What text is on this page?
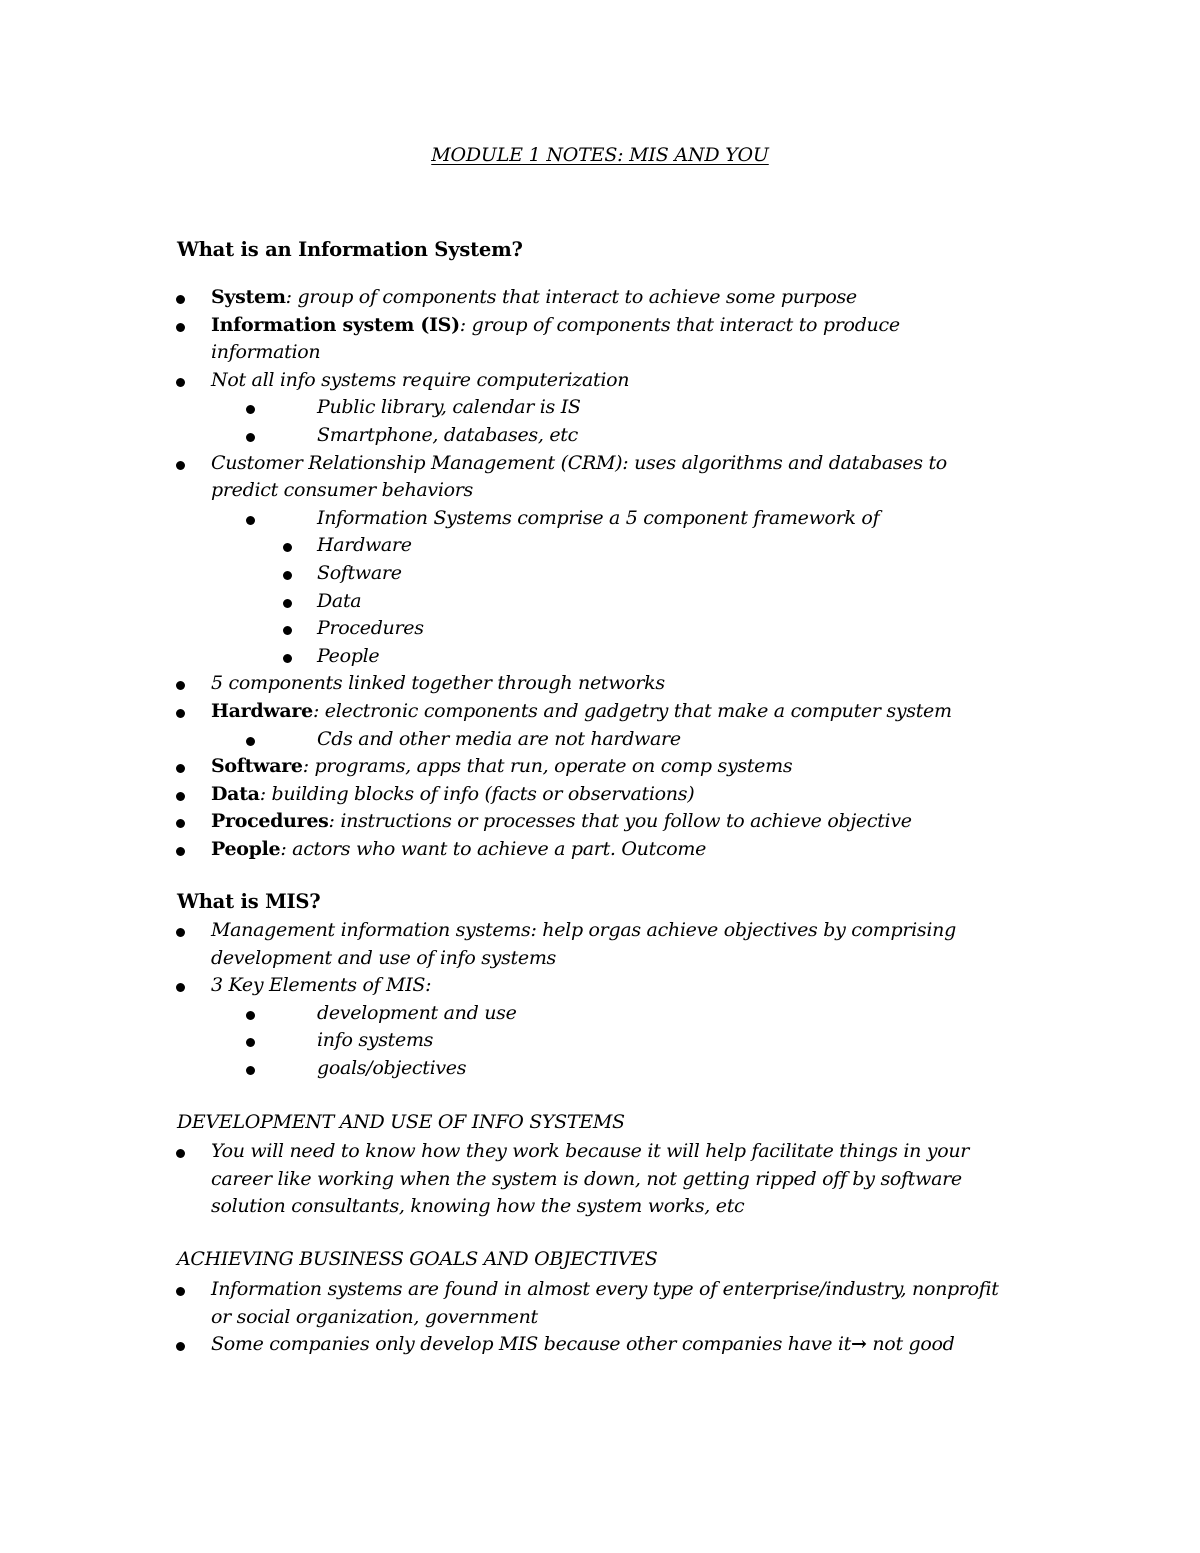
MODULE 1 NOTES: MIS AND YOU
What is an Information System?
System: group of components that interact to achieve some purpose
Information system (IS): group of components that interact to produce information
Not all info systems require computerization
Public library, calendar is IS
Smartphone, databases, etc
Customer Relationship Management (CRM): uses algorithms and databases to predict consumer behaviors
Information Systems comprise a 5 component framework of
Hardware
Software
Data
Procedures
People
5 components linked together through networks
Hardware: electronic components and gadgetry that make a computer system
Cds and other media are not hardware
Software: programs, apps that run, operate on comp systems
Data: building blocks of info (facts or observations)
Procedures: instructions or processes that you follow to achieve objective
People: actors who want to achieve a part. Outcome
What is MIS?
Management information systems: help orgas achieve objectives by comprising development and use of info systems
3 Key Elements of MIS:
development and use
info systems
goals/objectives
DEVELOPMENT AND USE OF INFO SYSTEMS
You will need to know how they work because it will help facilitate things in your career like working when the system is down, not getting ripped off by software solution consultants, knowing how the system works, etc
ACHIEVING BUSINESS GOALS AND OBJECTIVES
Information systems are found in almost every type of enterprise/industry, nonprofit or social organization, government
Some companies only develop MIS because other companies have it→ not good
